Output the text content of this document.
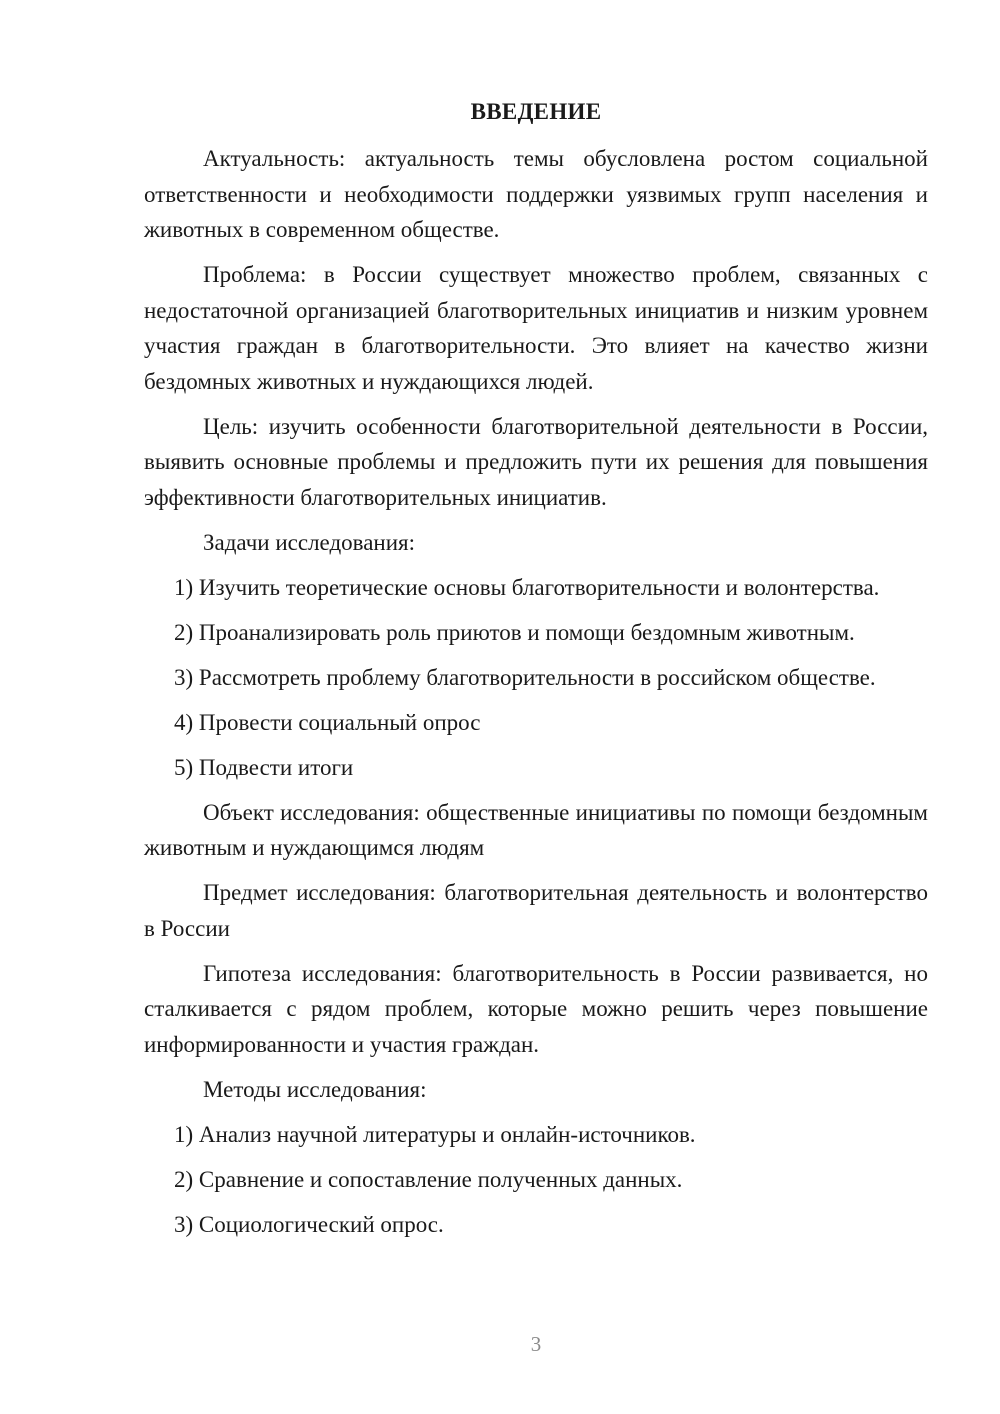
ВВЕДЕНИЕ

Актуальность: актуальность темы обусловлена ростом социальной ответственности и необходимости поддержки уязвимых групп населения и животных в современном обществе.

Проблема: в России существует множество проблем, связанных с недостаточной организацией благотворительных инициатив и низким уровнем участия граждан в благотворительности. Это влияет на качество жизни бездомных животных и нуждающихся людей.

Цель: изучить особенности благотворительной деятельности в России, выявить основные проблемы и предложить пути их решения для повышения эффективности благотворительных инициатив.

Задачи исследования:

1) Изучить теоретические основы благотворительности и волонтерства.

2) Проанализировать роль приютов и помощи бездомным животным.

3) Рассмотреть проблему благотворительности в российском обществе.

4) Провести социальный опрос

5) Подвести итоги

Объект исследования: общественные инициативы по помощи бездомным животным и нуждающимся людям

Предмет исследования: благотворительная деятельность и волонтерство в России

Гипотеза исследования: благотворительность в России развивается, но сталкивается с рядом проблем, которые можно решить через повышение информированности и участия граждан.

Методы исследования:

1) Анализ научной литературы и онлайн-источников.

2) Сравнение и сопоставление полученных данных.

3) Социологический опрос.

3
